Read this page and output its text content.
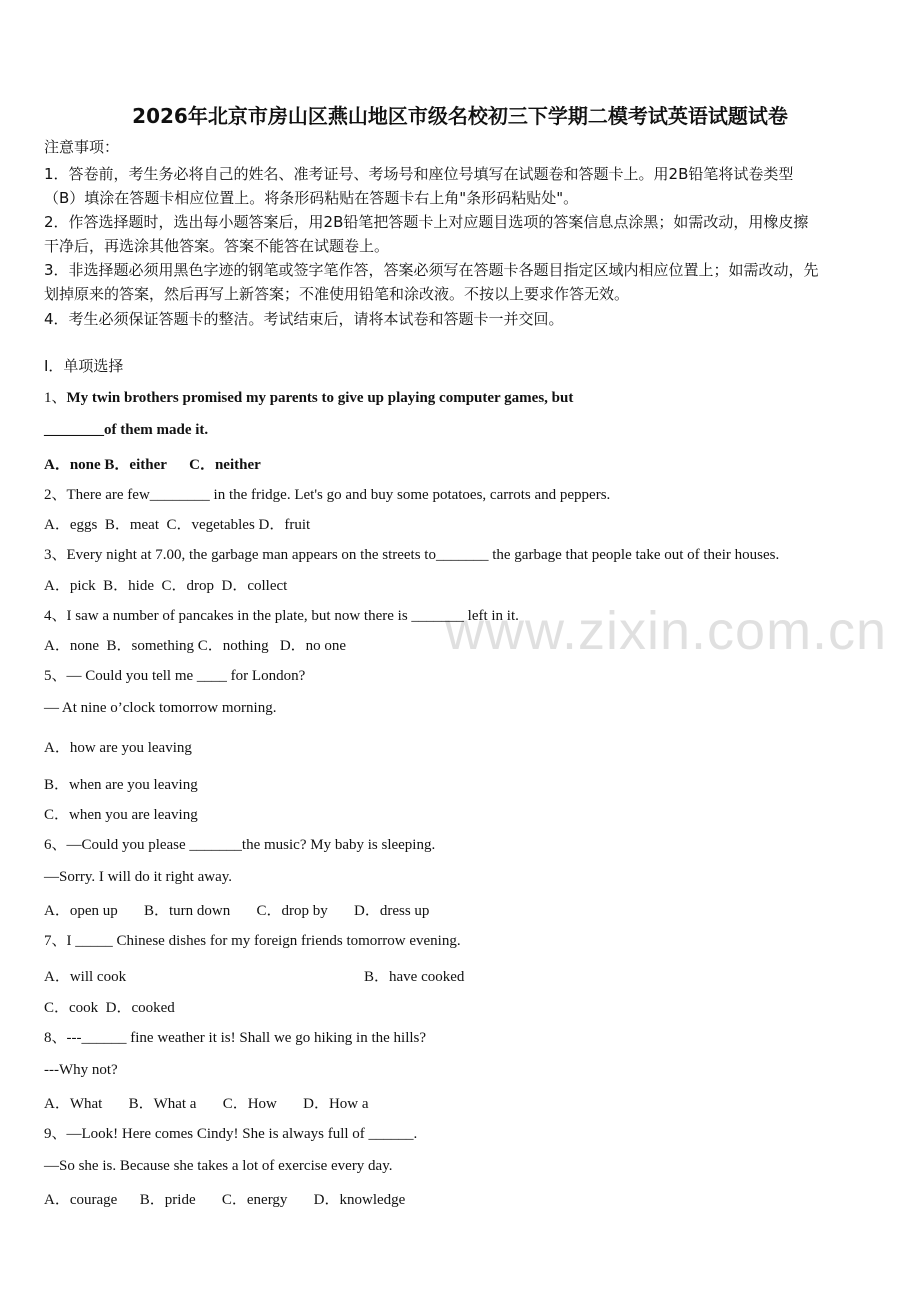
2026年北京市房山区燕山地区市级名校初三下学期二模考试英语试题试卷
注意事项：
1．答卷前，考生务必将自己的姓名、准考证号、考场号和座位号填写在试题卷和答题卡上。用2B铅笔将试卷类型
（B）填涂在答题卡相应位置上。将条形码粘贴在答题卡右上角"条形码粘贴处"。
2．作答选择题时，选出每小题答案后，用2B铅笔把答题卡上对应题目选项的答案信息点涂黑；如需改动，用橡皮擦
干净后，再选涂其他答案。答案不能答在试题卷上。
3．非选择题必须用黑色字迹的钢笔或签字笔作答，答案必须写在答题卡各题目指定区域内相应位置上；如需改动，先
划掉原来的答案，然后再写上新答案；不准使用铅笔和涂改液。不按以上要求作答无效。
4．考生必须保证答题卡的整洁。考试结束后，请将本试卷和答题卡一并交回。
Ⅰ．单项选择
www.zixin.com.cn
1、My twin brothers promised my parents to give up playing computer games, but
________of them made it.
A．none B．either      C．neither
2、There are few________ in the fridge. Let's go and buy some potatoes, carrots and peppers.
A．eggs  B．meat  C．vegetables D．fruit
3、Every night at 7.00, the garbage man appears on the streets to_______ the garbage that people take out of their houses.
A．pick  B．hide  C．drop  D．collect
4、I saw a number of pancakes in the plate, but now there is _______ left in it.
A．none  B．something C．nothing   D．no one
5、— Could you tell me ____ for London?
— At nine o’clock tomorrow morning.
A．how are you leaving
B．when are you leaving
C．when you are leaving
6、—Could you please _______the music? My baby is sleeping.
—Sorry. I will do it right away.
A．open up       B．turn down       C．drop by       D．dress up
7、I _____ Chinese dishes for my foreign friends tomorrow evening.
A．will cook	B．have cooked
C．cook  D．cooked
8、---______ fine weather it is! Shall we go hiking in the hills?
---Why not?
A．What       B．What a       C．How       D．How a
9、—Look! Here comes Cindy! She is always full of ______.
—So she is. Because she takes a lot of exercise every day.
A．courage      B．pride       C．energy       D．knowledge
